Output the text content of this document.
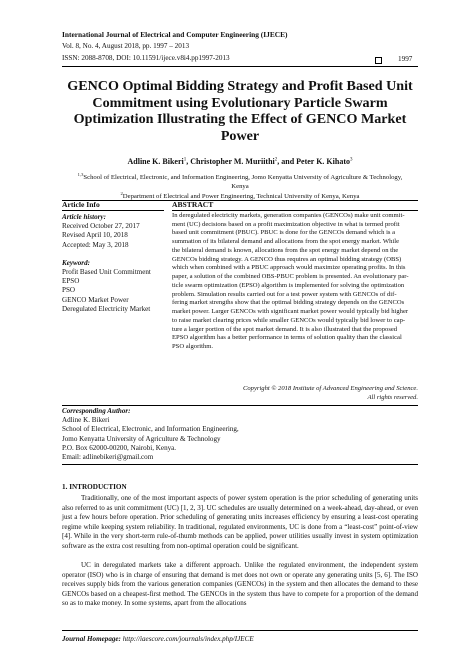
International Journal of Electrical and Computer Engineering (IJECE)
Vol. 8, No. 4, August 2018, pp. 1997 – 2013
ISSN: 2088-8708, DOI: 10.11591/ijece.v8i4.pp1997-2013	1997
GENCO Optimal Bidding Strategy and Profit Based Unit
Commitment using Evolutionary Particle Swarm
Optimization Illustrating the Effect of GENCO Market
Power
Adline K. Bikeri$^1$, Christopher M. Muriithi$^2$, and Peter K. Kihato$^3$
$^{1,3}$School of Electrical, Electronic, and Information Engineering, Jomo Kenyatta University of Agriculture & Technology,
Kenya
$^2$Department of Electrical and Power Engineering, Technical University of Kenya, Kenya
Article Info
Article history:
Received October 27, 2017
Revised April 10, 2018
Accepted: May 3, 2018
Keyword:
Profit Based Unit Commitment
EPSO
PSO
GENCO Market Power
Deregulated Electricity Market
ABSTRACT
In deregulated electricity markets, generation companies (GENCOs) make unit commit-
ment (UC) decisions based on a profit maximization objective in what is termed profit
based unit commitment (PBUC). PBUC is done for the GENCOs demand which is a
summation of its bilateral demand and allocations from the spot energy market. While
the bilateral demand is known, allocations from the spot energy market depend on the
GENCOs bidding strategy. A GENCO thus requires an optimal bidding strategy (OBS)
which when combined with a PBUC approach would maximize operating profits. In this
paper, a solution of the combined OBS-PBUC problem is presented. An evolutionary par-
ticle swarm optimization (EPSO) algorithm is implemented for solving the optimization
problem. Simulation results carried out for a test power system with GENCOs of dif-
fering market strengths show that the optimal bidding strategy depends on the GENCOs
market power. Larger GENCOs with significant market power would typically bid higher
to raise market clearing prices while smaller GENCOs would typically bid lower to cap-
ture a larger portion of the spot market demand. It is also illustrated that the proposed
EPSO algorithm has a better performance in terms of solution quality than the classical
PSO algorithm.
Copyright © 2018 Institute of Advanced Engineering and Science.
All rights reserved.
Corresponding Author:
Adline K. Bikeri
School of Electrical, Electronic, and Information Engineering,
Jomo Kenyatta University of Agriculture & Technology
P.O. Box 62000-00200, Nairobi, Kenya.
Email: adlinebikeri@gmail.com
1. INTRODUCTION
Traditionally, one of the most important aspects of power system operation is the prior scheduling of generating units also referred to as unit commitment (UC) [1, 2, 3]. UC schedules are usually determined on a week-ahead, day-ahead, or even just a few hours before operation. Prior scheduling of generating units increases efficiency by ensuring a least-cost operating regime while keeping system reliability. In traditional, regulated environments, UC is done from a “least-cost” point-of-view [4]. While in the very short-term rule-of-thumb methods can be applied, power utilities usually invest in system optimization software as the extra cost resulting from non-optimal operation could be significant.
UC in deregulated markets take a different approach. Unlike the regulated environment, the independent system operator (ISO) who is in charge of ensuring that demand is met does not own or operate any generating units [5, 6]. The ISO receives supply bids from the various generation companies (GENCOs) in the system and then allocates the demand to these GENCOs based on a cheapest-first method. The GENCOs in the system thus have to compete for a proportion of the demand so as to make money. In some systems, apart from the allocations
Journal Homepage: http://iaescore.com/journals/index.php/IJECE
